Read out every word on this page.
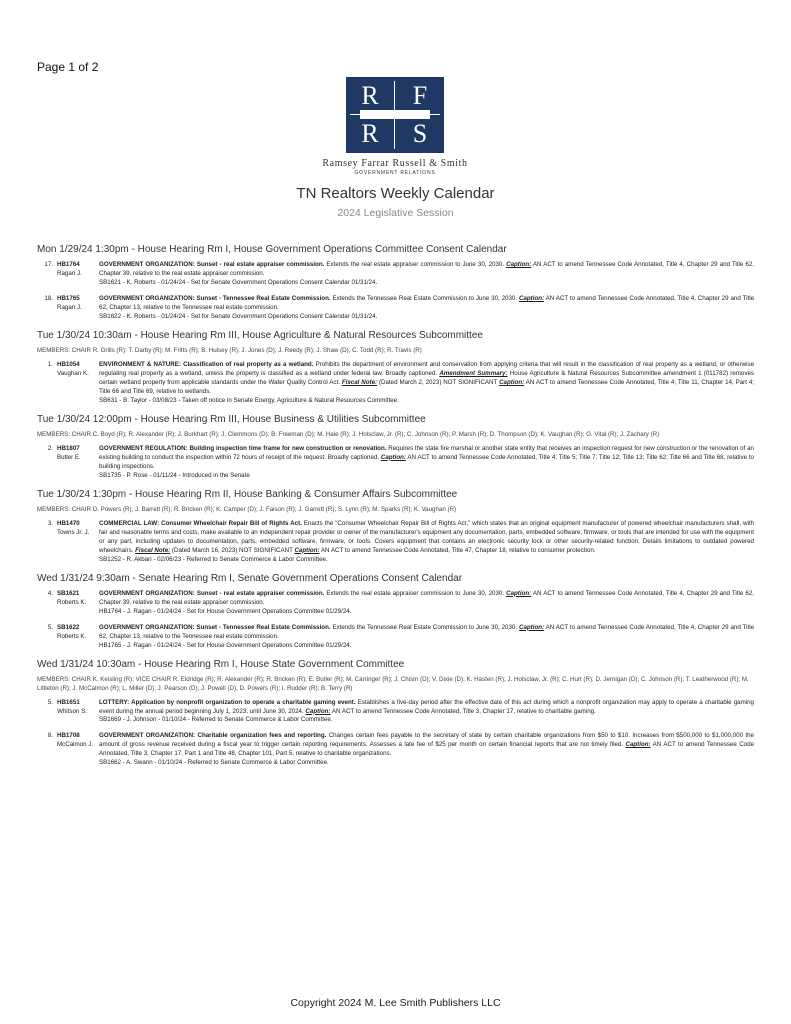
Page 1 of 2
R	F
R	S
Ramsey Farrar Russell & Smith
GOVERNMENT RELATIONS
TN Realtors Weekly Calendar
2024 Legislative Session
Mon 1/29/24 1:30pm - House Hearing Rm I, House Government Operations Committee Consent Calendar
17. HB1764
Ragan J.
GOVERNMENT ORGANIZATION: Sunset - real estate appraiser commission. Extends the real estate appraiser commission to June 30, 2030. Caption: AN ACT to amend Tennessee Code Annotated, Title 4, Chapter 29 and Title 62, Chapter 39, relative to the real estate appraiser commission.
SB1621 - K. Roberts - 01/24/24 - Set for Senate Government Operations Consent Calendar 01/31/24.
18. HB1765
Ragan J.
GOVERNMENT ORGANIZATION: Sunset - Tennessee Real Estate Commission. Extends the Tennessee Real Estate Commission to June 30, 2030. Caption: AN ACT to amend Tennessee Code Annotated, Title 4, Chapter 29 and Title 62, Chapter 13, relative to the Tennessee real estate commission.
SB1622 - K. Roberts - 01/24/24 - Set for Senate Government Operations Consent Calendar 01/31/24.
Tue 1/30/24 10:30am - House Hearing Rm III, House Agriculture & Natural Resources Subcommittee
MEMBERS: CHAIR R. Grills (R); T. Darby (R); M. Fritts (R); B. Hulsey (R); J. Jones (D); J. Reedy (R); J. Shaw (D); C. Todd (R); R. Travis (R)
1. HB1054
Vaughan K.
ENVIRONMENT & NATURE: Classification of real property as a wetland. Prohibits the department of environment and conservation from applying criteria that will result in the classification of real property as a wetland, or otherwise regulating real property as a wetland, unless the property is classified as a wetland under federal law. Broadly captioned. Amendment Summary: House Agriculture & Natural Resources Subcommittee amendment 1 (011782) removes certain wetland property from applicable standards under the Water Quality Control Act. Fiscal Note: (Dated March 2, 2023) NOT SIGNIFICANT Caption: AN ACT to amend Tennessee Code Annotated, Title 4; Title 11, Chapter 14, Part 4; Title 66 and Title 69, relative to wetlands.
SB631 - B. Taylor - 03/08/23 - Taken off notice in Senate Energy, Agriculture & Natural Resources Committee.
Tue 1/30/24 12:00pm - House Hearing Rm III, House Business & Utilities Subcommittee
MEMBERS: CHAIR C. Boyd (R); R. Alexander (R); J. Burkhart (R); J. Clemmons (D); B. Freeman (D); M. Hale (R); J. Holsclaw, Jr. (R); C. Johnson (R); P. Marsh (R); D. Thompson (D); K. Vaughan (R); G. Vital (R); J. Zachary (R)
2. HB1807
Butler E.
GOVERNMENT REGULATION: Building inspection time frame for new construction or renovation. Requires the state fire marshal or another state entity that receives an inspection request for new construction or the renovation of an existing building to conduct the inspection within 72 hours of receipt of the request. Broadly captioned. Caption: AN ACT to amend Tennessee Code Annotated, Title 4; Title 5; Title 7; Title 12; Title 13; Title 62; Title 66 and Title 68, relative to building inspections.
SB1735 - P. Rose - 01/11/24 - Introduced in the Senate
Tue 1/30/24 1:30pm - House Hearing Rm II, House Banking & Consumer Affairs Subcommittee
MEMBERS: CHAIR D. Powers (R); J. Barrett (R); R. Bricken (R); K. Camper (D); J. Faison (R); J. Garrett (R); S. Lynn (R); M. Sparks (R); K. Vaughan (R)
3. HB1470
Towns Jr. J.
COMMERCIAL LAW: Consumer Wheelchair Repair Bill of Rights Act. Enacts the "Consumer Wheelchair Repair Bill of Rights Act," which states that an original equipment manufacturer of powered wheelchair manufacturers shall, with fair and reasonable terms and costs, make available to an independent repair provider or owner of the manufacturer's equipment any documentation, parts, embedded software, firmware, or tools that are intended for use with the equipment or any part, including updates to documentation, parts, embedded software, firmware, or tools. Covers equipment that contains an electronic security lock or other security-related function. Details limitations to outdated powered wheelchairs. Fiscal Note: (Dated March 16, 2023) NOT SIGNIFICANT Caption: AN ACT to amend Tennessee Code Annotated, Title 47, Chapter 18, relative to consumer protection.
SB1252 - R. Akbari - 02/06/23 - Referred to Senate Commerce & Labor Committee.
Wed 1/31/24 9:30am - Senate Hearing Rm I, Senate Government Operations Consent Calendar
4. SB1621
Roberts K.
GOVERNMENT ORGANIZATION: Sunset - real estate appraiser commission. Extends the real estate appraiser commission to June 30, 2030. Caption: AN ACT to amend Tennessee Code Annotated, Title 4, Chapter 29 and Title 62, Chapter 39, relative to the real estate appraiser commission.
HB1764 - J. Ragan - 01/24/24 - Set for House Government Operations Committee 01/29/24.
5. SB1622
Roberts K.
GOVERNMENT ORGANIZATION: Sunset - Tennessee Real Estate Commission. Extends the Tennessee Real Estate Commission to June 30, 2030. Caption: AN ACT to amend Tennessee Code Annotated, Title 4, Chapter 29 and Title 62, Chapter 13, relative to the Tennessee real estate commission.
HB1765 - J. Ragan - 01/24/24 - Set for House Government Operations Committee 01/29/24.
Wed 1/31/24 10:30am - House Hearing Rm I, House State Government Committee
MEMBERS: CHAIR K. Keisling (R); VICE CHAIR R. Eldridge (R); R. Alexander (R); R. Bricken (R); E. Butler (R); M. Carringer (R); J. Chism (D); V. Dixie (D); K. Hasten (R); J. Holsclaw, Jr. (R); C. Hurt (R); D. Jernigan (D); C. Johnson (R); T. Leatherwood (R); M. Littleton (R); J. McCalmon (R); L. Miller (D); J. Pearson (D); J. Powell (D); D. Powers (R); I. Rudder (R); B. Terry (R)
5. HB1651
Whitson S.
LOTTERY: Application by nonprofit organization to operate a charitable gaming event. Establishes a five-day period after the effective date of this act during which a nonprofit organization may apply to operate a charitable gaming event during the annual period beginning July 1, 2023, until June 30, 2024. Caption: AN ACT to amend Tennessee Code Annotated, Title 3, Chapter 17, relative to charitable gaming.
SB1669 - J. Johnson - 01/10/24 - Referred to Senate Commerce & Labor Committee.
8. HB1708
McCalmon J.
GOVERNMENT ORGANIZATION: Charitable organization fees and reporting. Changes certain fees payable to the secretary of state by certain charitable organizations from $50 to $10. Increases from $500,000 to $1,000,000 the amount of gross revenue received during a fiscal year to trigger certain reporting requirements. Assesses a late fee of $25 per month on certain financial reports that are not timely filed. Caption: AN ACT to amend Tennessee Code Annotated, Title 3, Chapter 17, Part 1 and Title 48, Chapter 101, Part 5, relative to charitable organizations.
SB1662 - A. Swann - 01/10/24 - Referred to Senate Commerce & Labor Committee.
Copyright 2024 M. Lee Smith Publishers LLC
